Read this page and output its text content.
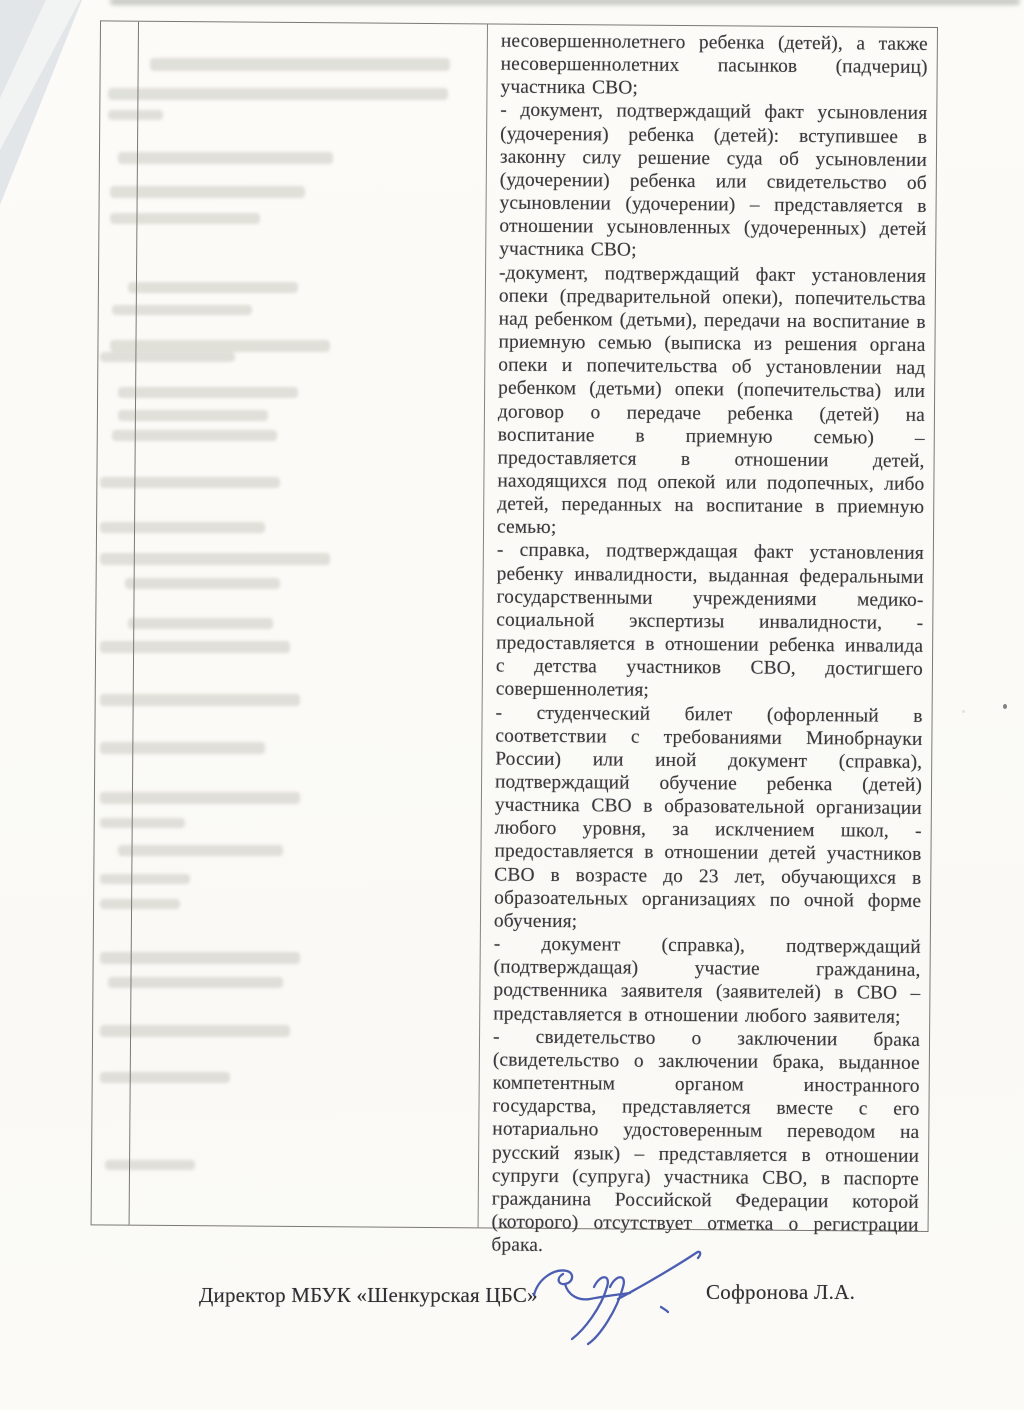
несовершеннолетнего ребенка (детей), а также несовершеннолетних пасынков (падчериц) участника СВО;

- документ, подтверждащий факт усыновления (удочерения) ребенка (детей): вступившее в законну силу решение суда об усыновлении (удочерении) ребенка или свидетельство об усыновлении (удочерении) – представляется в отношении усыновленных (удочеренных) детей участника СВО;

-документ, подтверждащий факт установления опеки (предварительной опеки), попечительства над ребенком (детьми), передачи на воспитание в приемную семью (выписка из решения органа опеки и попечительства об установлении над ребенком (детьми) опеки (попечительства) или договор о передаче ребенка (детей) на воспитание в приемную семью) – предоставляется в отношении детей, находящихся под опекой или подопечных, либо детей, переданных на воспитание в приемную семью;

- справка, подтверждащая факт установления ребенку инвалидности, выданная федеральными государственными учреждениями медико-социальной экспертизы инвалидности, - предоставляется в отношении ребенка инвалида с детства участников СВО, достигшего совершеннолетия;

- студенческий билет (офорленный в соответствии с требованиями Минобрнауки России) или иной документ (справка), подтверждащий обучение ребенка (детей) участника СВО в образовательной организации любого уровня, за исклчением школ, - предоставляется в отношении детей участников СВО в возрасте до 23 лет, обучающихся в образоательных организациях по очной форме обучения;

- документ (справка), подтверждащий (подтверждащая) участие гражданина, родственника заявителя (заявителей) в СВО – представляется в отношении любого заявителя;

- свидетельство о заключении брака (свидетельство о заключении брака, выданное компетентным органом иностранного государства, представляется вместе с его нотариально удостоверенным переводом на русский язык) – представляется в отношении супруги (супруга) участника СВО, в паспорте гражданина Российской Федерации которой (которого) отсутствует отметка о регистрации брака.

Директор МБУК «Шенкурская ЦБС»	Софронова Л.А.
